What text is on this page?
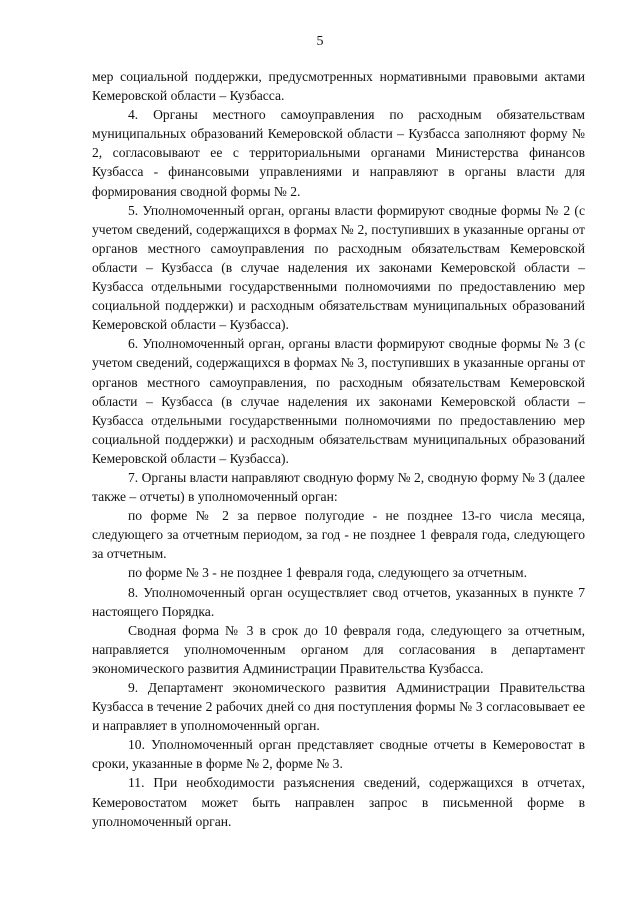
5

мер социальной поддержки, предусмотренных нормативными правовыми актами Кемеровской области – Кузбасса.

4. Органы местного самоуправления по расходным обязательствам муниципальных образований Кемеровской области – Кузбасса заполняют форму № 2, согласовывают ее с территориальными органами Министерства финансов Кузбасса - финансовыми управлениями и направляют в органы власти для формирования сводной формы № 2.

5. Уполномоченный орган, органы власти формируют сводные формы № 2 (с учетом сведений, содержащихся в формах № 2, поступивших в указанные органы от органов местного самоуправления по расходным обязательствам Кемеровской области – Кузбасса (в случае наделения их законами Кемеровской области – Кузбасса отдельными государственными полномочиями по предоставлению мер социальной поддержки) и расходным обязательствам муниципальных образований Кемеровской области – Кузбасса).

6. Уполномоченный орган, органы власти формируют сводные формы № 3 (с учетом сведений, содержащихся в формах № 3, поступивших в указанные органы от органов местного самоуправления, по расходным обязательствам Кемеровской области – Кузбасса (в случае наделения их законами Кемеровской области – Кузбасса отдельными государственными полномочиями по предоставлению мер социальной поддержки) и расходным обязательствам муниципальных образований Кемеровской области – Кузбасса).

7. Органы власти направляют сводную форму № 2, сводную форму № 3 (далее также – отчеты) в уполномоченный орган:

по форме № 2 за первое полугодие - не позднее 13-го числа месяца, следующего за отчетным периодом, за год - не позднее 1 февраля года, следующего за отчетным.

по форме № 3 - не позднее 1 февраля года, следующего за отчетным.

8. Уполномоченный орган осуществляет свод отчетов, указанных в пункте 7 настоящего Порядка.

Сводная форма № 3 в срок до 10 февраля года, следующего за отчетным, направляется уполномоченным органом для согласования в департамент экономического развития Администрации Правительства Кузбасса.

9. Департамент экономического развития Администрации Правительства Кузбасса в течение 2 рабочих дней со дня поступления формы № 3 согласовывает ее и направляет в уполномоченный орган.

10. Уполномоченный орган представляет сводные отчеты в Кемеровостат в сроки, указанные в форме № 2, форме № 3.

11. При необходимости разъяснения сведений, содержащихся в отчетах, Кемеровостатом может быть направлен запрос в письменной форме в уполномоченный орган.
